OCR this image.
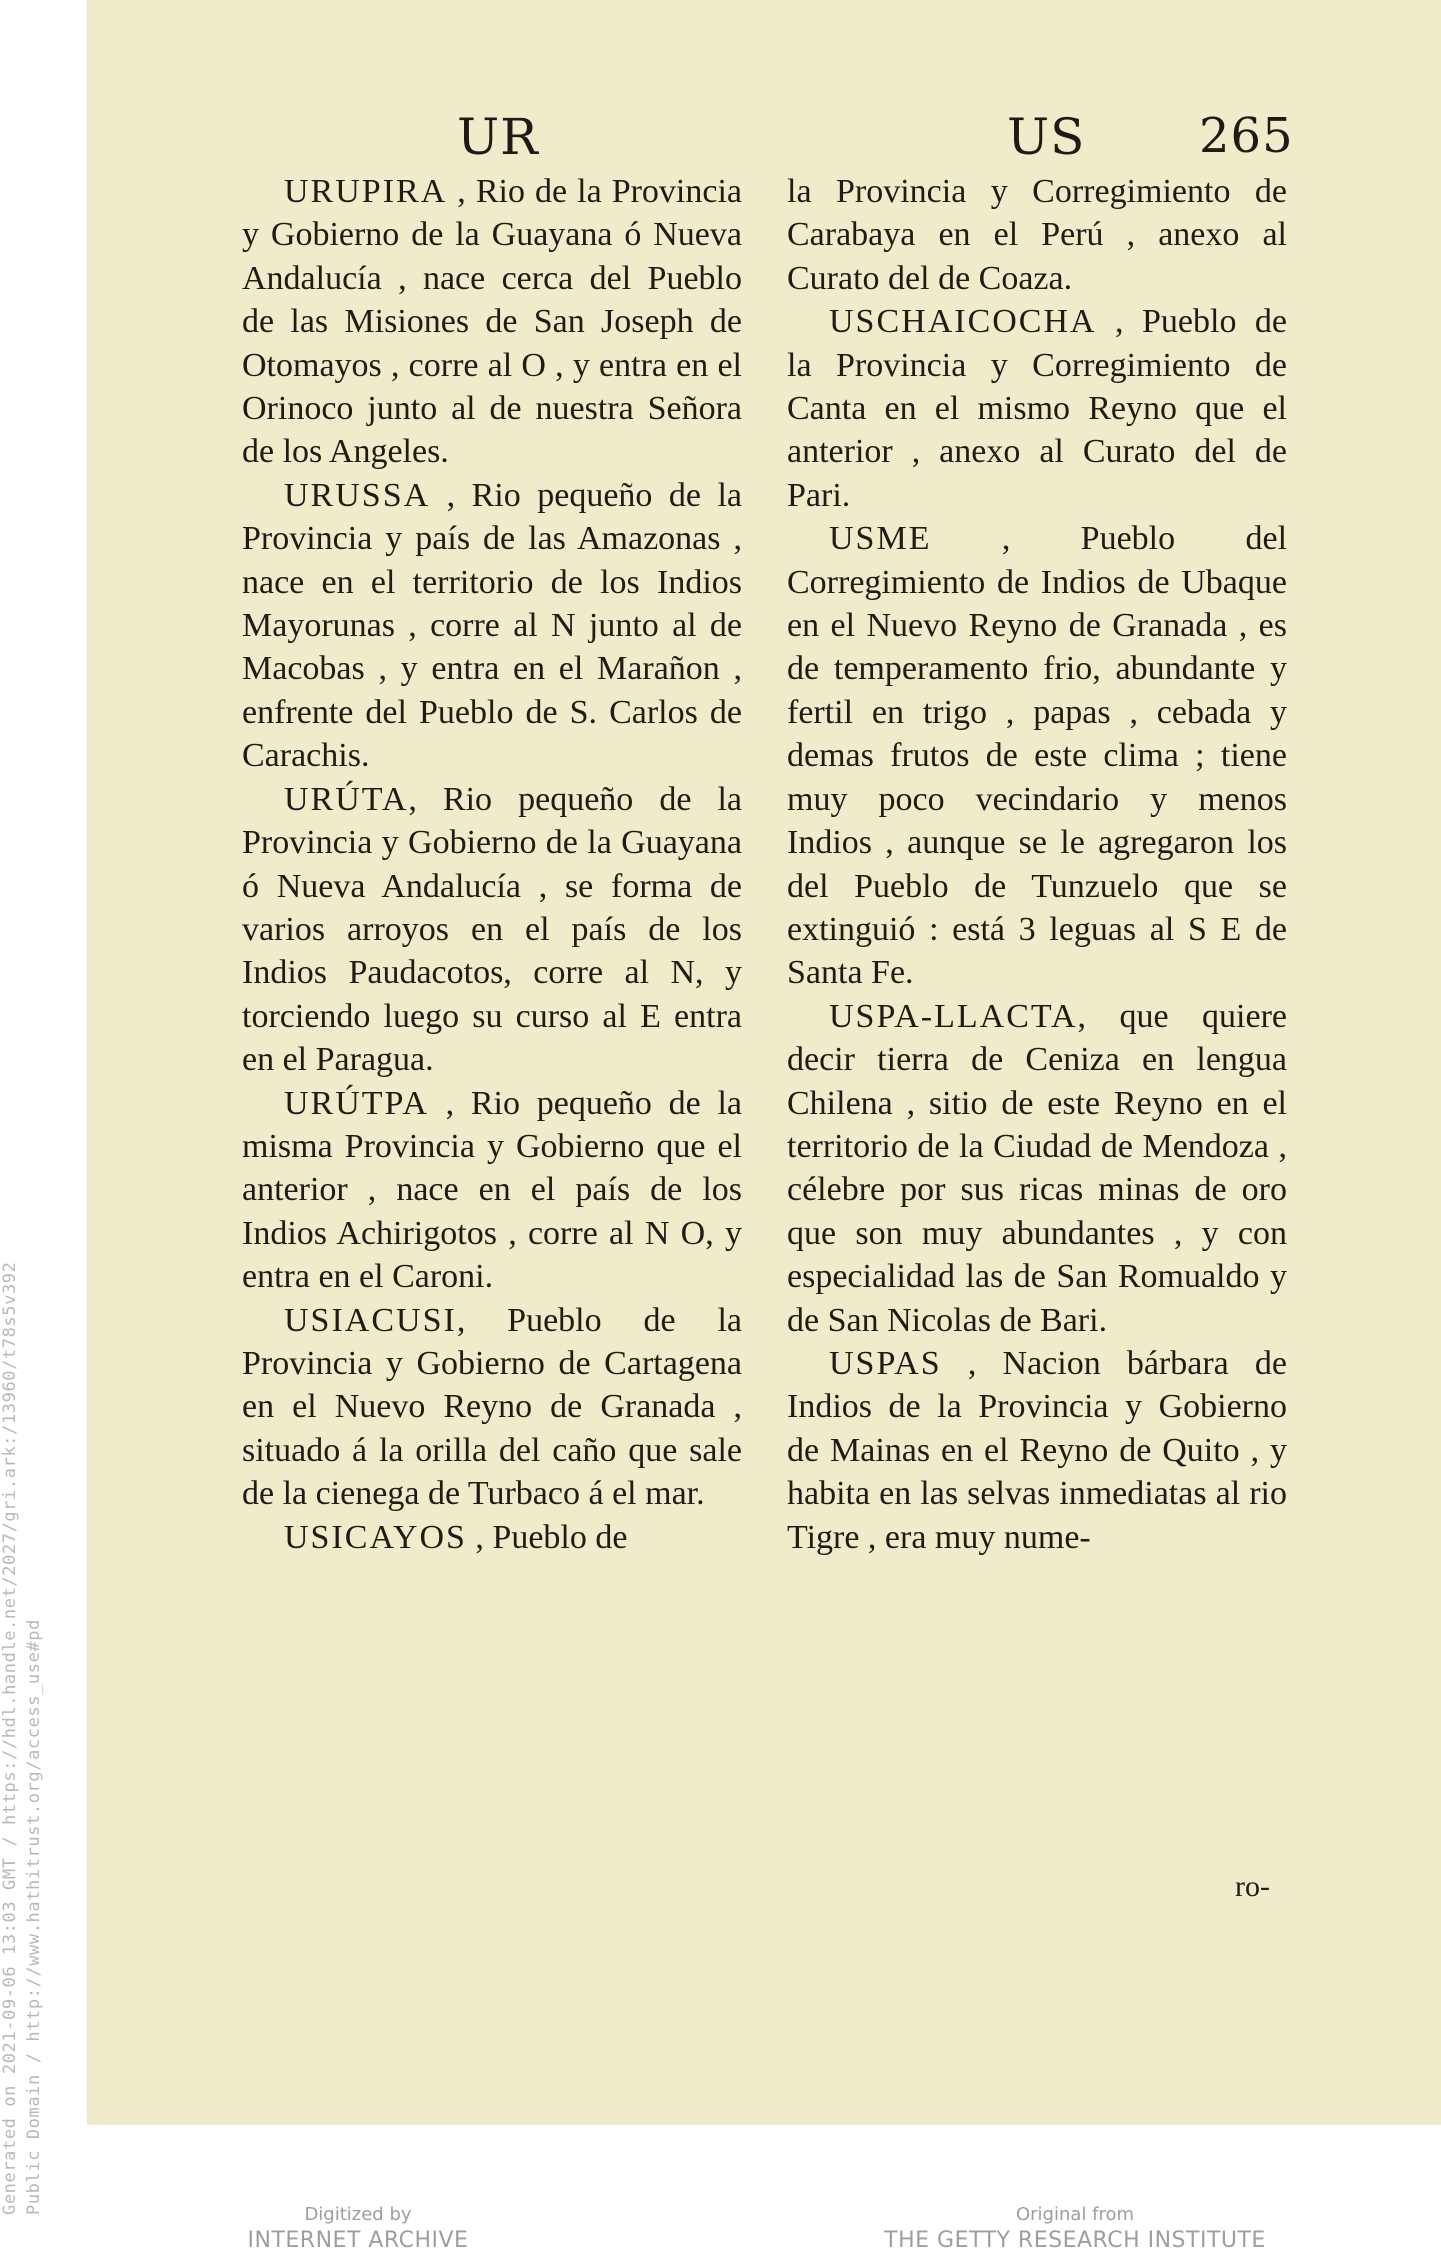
Generated on 2021-09-06 13:03 GMT / https://hdl.handle.net/2027/gri.ark:/13960/t78s5v392 Public Domain / http://www.hathitrust.org/access_use#pd
UR	US 265

URUPIRA , Rio de la Provincia y Gobierno de la Guayana ó Nueva Andalucía , nace cerca del Pueblo de las Misiones de San Joseph de Otomayos , corre al O , y entra en el Orinoco junto al de nuestra Señora de los Angeles.

URUSSA , Rio pequeño de la Provincia y país de las Amazonas , nace en el territorio de los Indios Mayorunas , corre al N junto al de Macobas , y entra en el Marañon , enfrente del Pueblo de S. Carlos de Carachis.

URÚTA, Rio pequeño de la Provincia y Gobierno de la Guayana ó Nueva Andalucía , se forma de varios arroyos en el país de los Indios Paudacotos, corre al N, y torciendo luego su curso al E entra en el Paragua.

URÚTPA , Rio pequeño de la misma Provincia y Gobierno que el anterior , nace en el país de los Indios Achirigotos , corre al N O, y entra en el Caroni.

USIACUSI, Pueblo de la Provincia y Gobierno de Cartagena en el Nuevo Reyno de Granada , situado á la orilla del caño que sale de la cienega de Turbaco á el mar.

USICAYOS , Pueblo de

la Provincia y Corregimiento de Carabaya en el Perú , anexo al Curato del de Coaza.

USCHAICOCHA , Pueblo de la Provincia y Corregimiento de Canta en el mismo Reyno que el anterior , anexo al Curato del de Pari.

USME , Pueblo del Corregimiento de Indios de Ubaque en el Nuevo Reyno de Granada , es de temperamento frio, abundante y fertil en trigo , papas , cebada y demas frutos de este clima ; tiene muy poco vecindario y menos Indios , aunque se le agregaron los del Pueblo de Tunzuelo que se extinguió : está 3 leguas al S E de Santa Fe.

USPA-LLACTA, que quiere decir tierra de Ceniza en lengua Chilena , sitio de este Reyno en el territorio de la Ciudad de Mendoza , célebre por sus ricas minas de oro que son muy abundantes , y con especialidad las de San Romualdo y de San Nicolas de Bari.

USPAS , Nacion bárbara de Indios de la Provincia y Gobierno de Mainas en el Reyno de Quito , y habita en las selvas inmediatas al rio Tigre , era muy nume-

ro-
Digitized by
INTERNET ARCHIVE
Original from
THE GETTY RESEARCH INSTITUTE
